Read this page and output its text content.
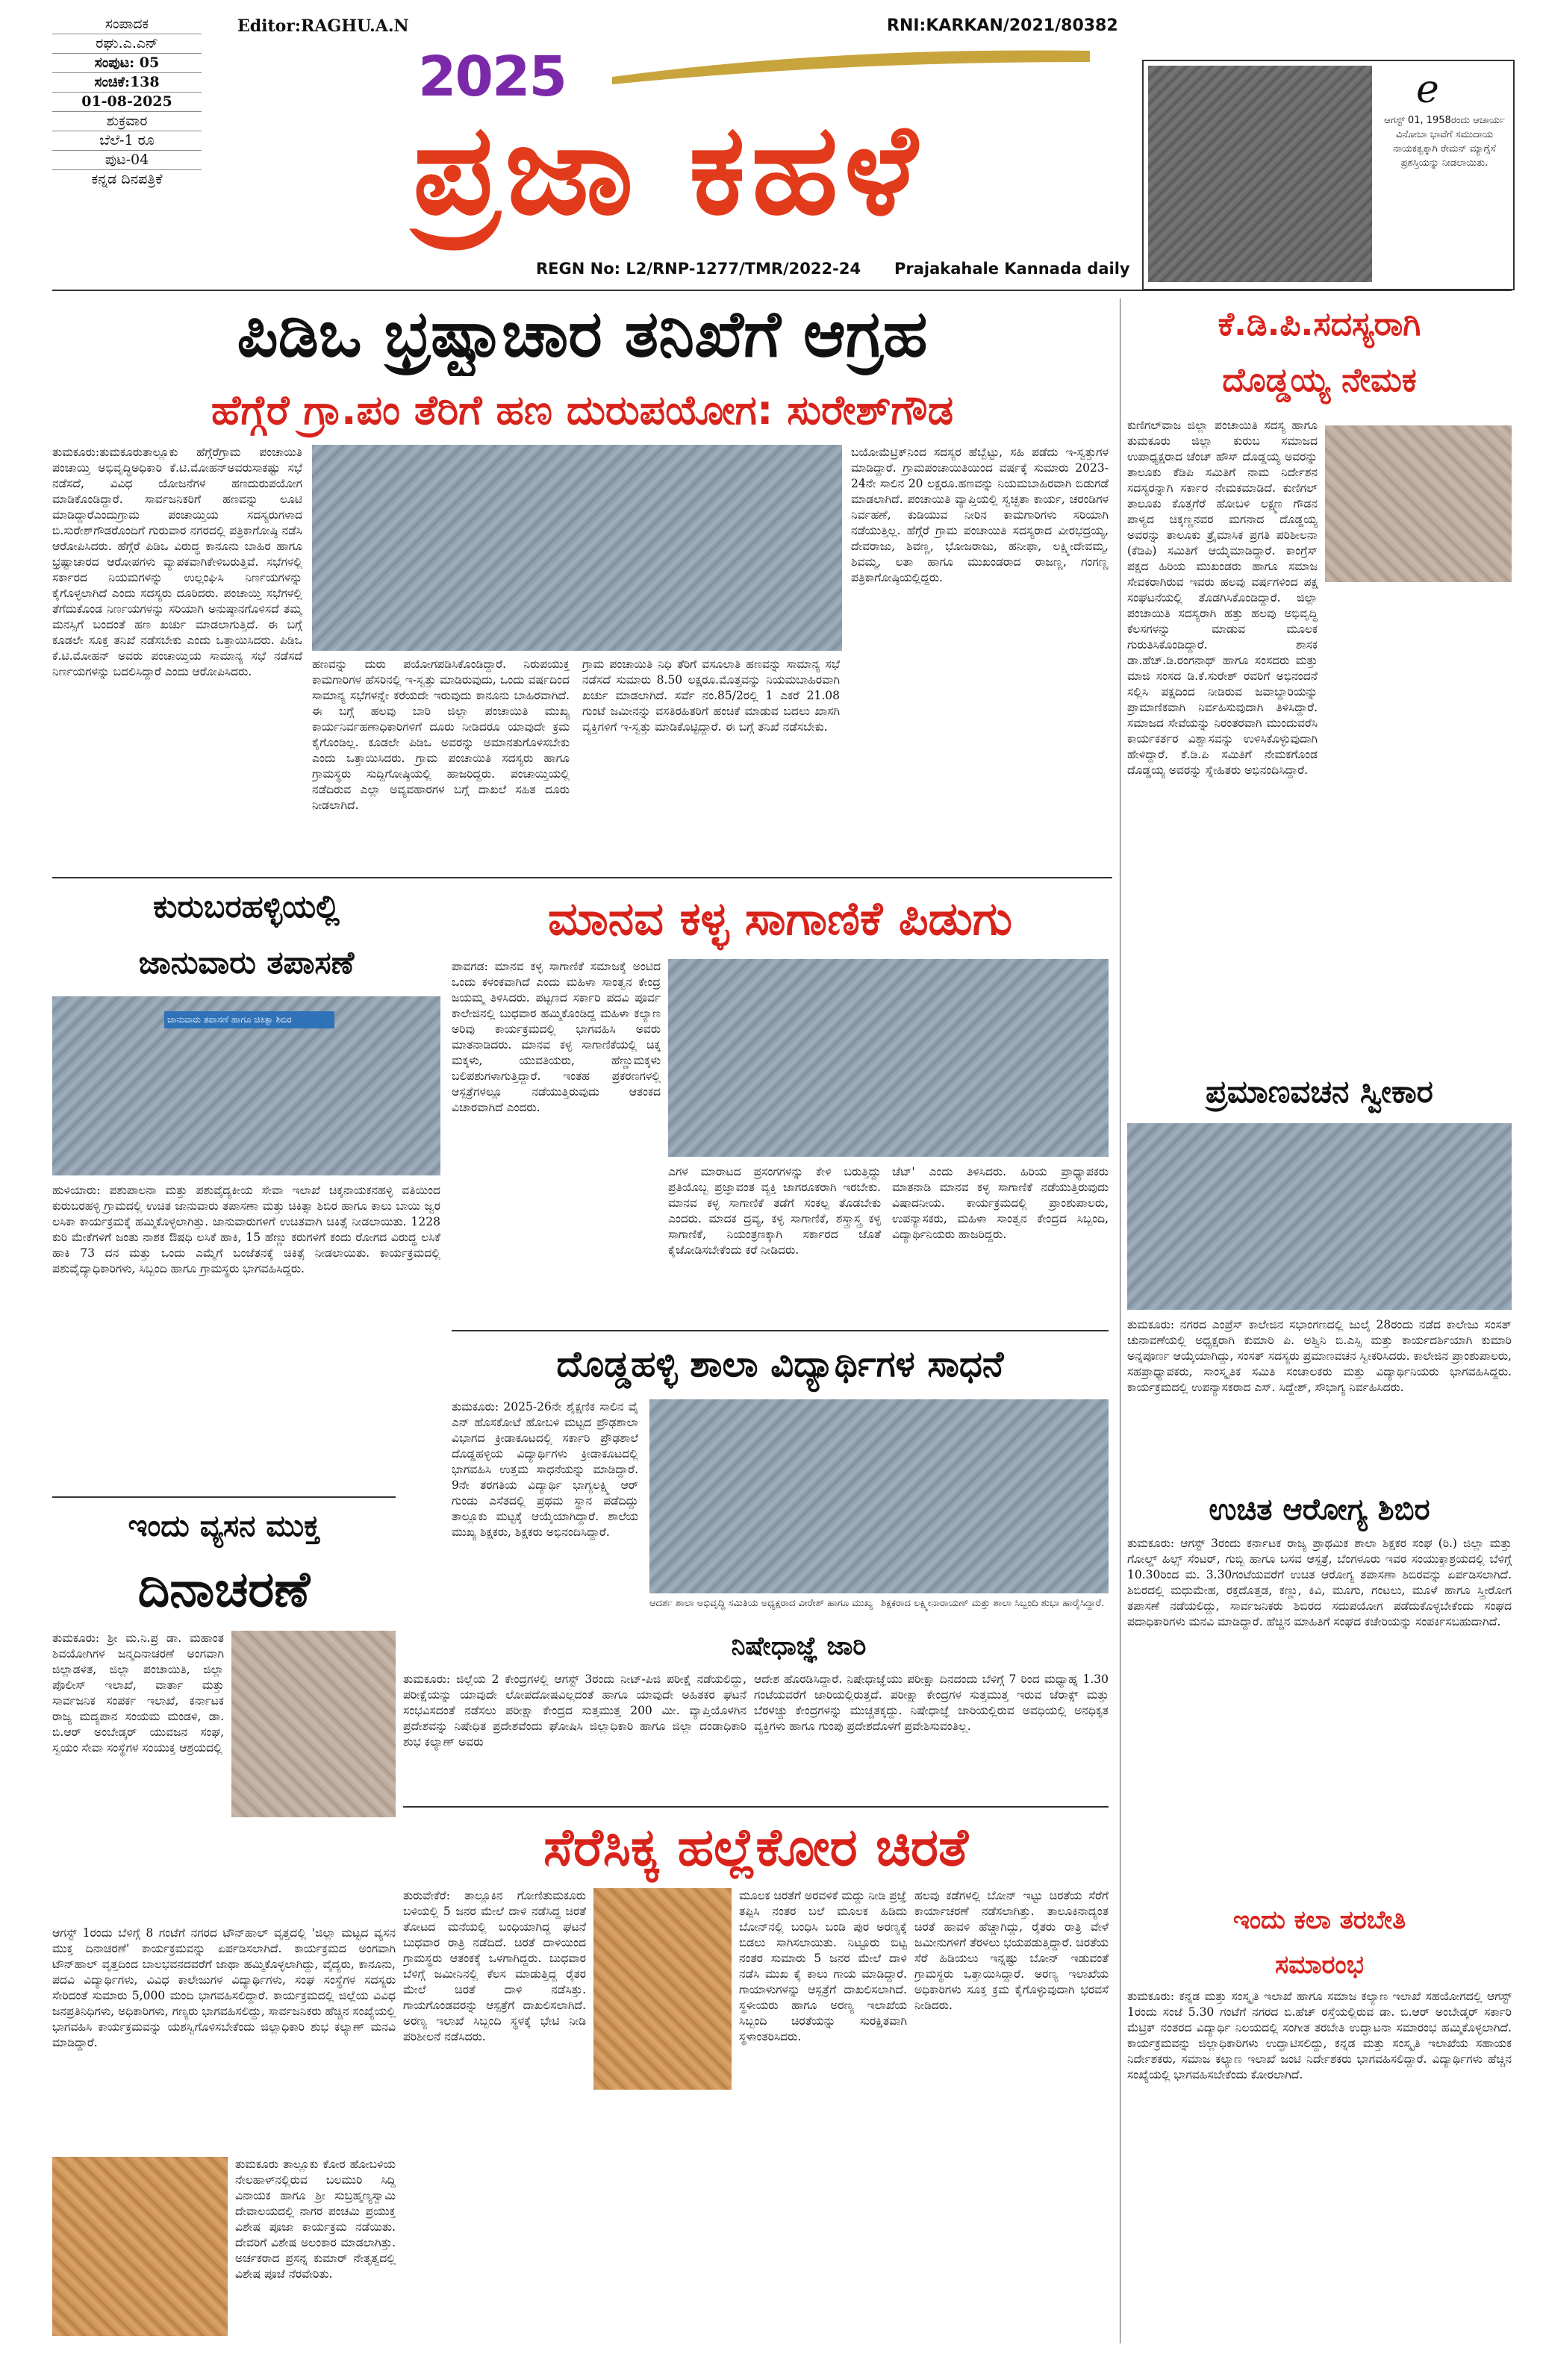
ಸಂಪಾದಕ
ರಘು.ಎ.ಎನ್
ಸಂಪುಟ: 05
ಸಂಚಿಕೆ:138
01-08-2025
ಶುಕ್ರವಾರ
ಬೆಲೆ-1 ರೂ
ಪುಟ-04
ಕನ್ನಡ ದಿನಪತ್ರಿಕೆ
Editor:RAGHU.A.N	RNI:KARKAN/2021/80382
2025
ಪ್ರಜಾ ಕಹಳೆ
REGN No: L2/RNP-1277/TMR/2022-24 Prajakahale Kannada daily
e
ಆಗಸ್ಟ್ 01, 1958ರಂದು ಆಚಾರ್ಯ ವಿನೋಬಾ ಭಾವೆಗೆ ಸಮುದಾಯ ನಾಯಕತ್ವಕ್ಕಾಗಿ ರೇಮನ್ ಮ್ಯಾಗ್ಸೆಸೆ ಪ್ರಶಸ್ತಿಯನ್ನು ನೀಡಲಾಯಿತು.
ಪಿಡಿಒ ಭ್ರಷ್ಟಾಚಾರ ತನಿಖೆಗೆ ಆಗ್ರಹ
ಹೆಗ್ಗೆರೆ ಗ್ರಾ.ಪಂ ತೆರಿಗೆ ಹಣ ದುರುಪಯೋಗ: ಸುರೇಶ್‌ಗೌಡ
ತುಮಕೂರು:ತುಮಕೂರುತಾಲ್ಲೂಕು ಹೆಗ್ಗೆರೆಗ್ರಾಮ ಪಂಚಾಯಿತಿ ಪಂಚಾಯ್ತಿ ಅಭಿವೃದ್ಧಿಅಧಿಕಾರಿ ಕೆ.ಟಿ.ಮೋಹನ್‌ಅವರುಸಾಕಷ್ಟು ಸಭೆ ನಡೆಸದೆ, ವಿವಿಧ ಯೋಜನೆಗಳ ಹಣದುರುಪಯೋಗ ಮಾಡಿಕೊಂಡಿದ್ದಾರೆ. ಸಾರ್ವಜನಿಕರಿಗೆ ಹಣವನ್ನು ಲೂಟಿ ಮಾಡಿದ್ದಾರೆಎಂದುಗ್ರಾಮ ಪಂಚಾಯ್ತಿಯ ಸದಸ್ಯರುಗಳಾದ ಬಿ.ಸುರೇಶ್‌ಗೌಡರೊಂದಿಗೆ ಗುರುವಾರ ನಗರದಲ್ಲಿ ಪತ್ರಿಕಾಗೋಷ್ಠಿ ನಡೆಸಿ ಆರೋಪಿಸಿದರು. ಹೆಗ್ಗೆರೆ ಪಿಡಿಒ ವಿರುದ್ಧ ಕಾನೂನು ಬಾಹಿರ ಹಾಗೂ ಭ್ರಷ್ಟಾಚಾರದ ಆರೋಪಗಳು ವ್ಯಾಪಕವಾಗಿಕೇಳಿಬರುತ್ತಿವೆ. ಸಭೆಗಳಲ್ಲಿ ಸರ್ಕಾರದ ನಿಯಮಗಳನ್ನು ಉಲ್ಲಂಘಿಸಿ ನಿರ್ಣಯಗಳನ್ನು ಕೈಗೊಳ್ಳಲಾಗಿದೆ ಎಂದು ಸದಸ್ಯರು ದೂರಿದರು. ಪಂಚಾಯ್ತಿ ಸಭೆಗಳಲ್ಲಿ ತೆಗೆದುಕೊಂಡ ನಿರ್ಣಯಗಳನ್ನು ಸರಿಯಾಗಿ ಅನುಷ್ಠಾನಗೊಳಿಸದೆ ತಮ್ಮ ಮನಸ್ಸಿಗೆ ಬಂದಂತೆ ಹಣ ಖರ್ಚು ಮಾಡಲಾಗುತ್ತಿದೆ. ಈ ಬಗ್ಗೆ ಕೂಡಲೇ ಸೂಕ್ತ ತನಿಖೆ ನಡೆಸಬೇಕು ಎಂದು ಒತ್ತಾಯಿಸಿದರು. ಪಿಡಿಒ ಕೆ.ಟಿ.ಮೋಹನ್ ಅವರು ಪಂಚಾಯ್ತಿಯ ಸಾಮಾನ್ಯ ಸಭೆ ನಡೆಸದೆ ನಿರ್ಣಯಗಳನ್ನು ಬದಲಿಸಿದ್ದಾರೆ ಎಂದು ಆರೋಪಿಸಿದರು.
ಹಣವನ್ನು ದುರು ಪಯೋಗಪಡಿಸಿಕೊಂಡಿದ್ದಾರೆ. ನಿರುಪಯುಕ್ತ ಕಾಮಗಾರಿಗಳ ಹೆಸರಿನಲ್ಲಿ ಇ-ಸ್ವತ್ತು ಮಾಡಿರುವುದು, ಒಂದು ವರ್ಷದಿಂದ ಸಾಮಾನ್ಯ ಸಭೆಗಳನ್ನೇ ಕರೆಯದೇ ಇರುವುದು ಕಾನೂನು ಬಾಹಿರವಾಗಿದೆ. ಈ ಬಗ್ಗೆ ಹಲವು ಬಾರಿ ಜಿಲ್ಲಾ ಪಂಚಾಯಿತಿ ಮುಖ್ಯ ಕಾರ್ಯನಿರ್ವಹಣಾಧಿಕಾರಿಗಳಿಗೆ ದೂರು ನೀಡಿದರೂ ಯಾವುದೇ ಕ್ರಮ ಕೈಗೊಂಡಿಲ್ಲ. ಕೂಡಲೇ ಪಿಡಿಒ ಅವರನ್ನು ಅಮಾನತುಗೊಳಿಸಬೇಕು ಎಂದು ಒತ್ತಾಯಿಸಿದರು. ಗ್ರಾಮ ಪಂಚಾಯಿತಿ ಸದಸ್ಯರು ಹಾಗೂ ಗ್ರಾಮಸ್ಥರು ಸುದ್ದಿಗೋಷ್ಠಿಯಲ್ಲಿ ಹಾಜರಿದ್ದರು. ಪಂಚಾಯ್ತಿಯಲ್ಲಿ ನಡೆದಿರುವ ಎಲ್ಲಾ ಅವ್ಯವಹಾರಗಳ ಬಗ್ಗೆ ದಾಖಲೆ ಸಹಿತ ದೂರು ನೀಡಲಾಗಿದೆ.
ಗ್ರಾಮ ಪಂಚಾಯಿತಿ ನಿಧಿ ತೆರಿಗೆ ವಸೂಲಾತಿ ಹಣವನ್ನು ಸಾಮಾನ್ಯ ಸಭೆ ನಡೆಸದೆ ಸುಮಾರು 8.50 ಲಕ್ಷರೂ.ಮೊತ್ತವನ್ನು ನಿಯಮಬಾಹಿರವಾಗಿ ಖರ್ಚು ಮಾಡಲಾಗಿದೆ. ಸರ್ವೆ ನಂ.85/2ರಲ್ಲಿ 1 ಎಕರೆ 21.08 ಗುಂಟೆ ಜಮೀನನ್ನು ವಸತಿರಹಿತರಿಗೆ ಹಂಚಿಕೆ ಮಾಡುವ ಬದಲು ಖಾಸಗಿ ವ್ಯಕ್ತಿಗಳಿಗೆ ಇ-ಸ್ವತ್ತು ಮಾಡಿಕೊಟ್ಟಿದ್ದಾರೆ. ಈ ಬಗ್ಗೆ ತನಿಖೆ ನಡೆಸಬೇಕು.
ಬಯೋಮೆಟ್ರಿಕ್‌ನಿಂದ ಸದಸ್ಯರ ಹೆಬ್ಬೆಟ್ಟು, ಸಹಿ ಪಡೆದು ಇ-ಸ್ವತ್ತುಗಳ ಮಾಡಿದ್ದಾರೆ. ಗ್ರಾಮಪಂಚಾಯಿತಿಯಿಂದ ವರ್ಷಕ್ಕೆ ಸುಮಾರು 2023-24ನೇ ಸಾಲಿನ 20 ಲಕ್ಷರೂ.ಹಣವನ್ನು ನಿಯಮಬಾಹಿರವಾಗಿ ಬಿಡುಗಡೆ ಮಾಡಲಾಗಿದೆ. ಪಂಚಾಯಿತಿ ವ್ಯಾಪ್ತಿಯಲ್ಲಿ ಸ್ವಚ್ಛತಾ ಕಾರ್ಯ, ಚರಂಡಿಗಳ ನಿರ್ವಹಣೆ, ಕುಡಿಯುವ ನೀರಿನ ಕಾಮಗಾರಿಗಳು ಸರಿಯಾಗಿ ನಡೆಯುತ್ತಿಲ್ಲ. ಹೆಗ್ಗೆರೆ ಗ್ರಾಮ ಪಂಚಾಯಿತಿ ಸದಸ್ಯರಾದ ವೀರಭದ್ರಯ್ಯ, ದೇವರಾಜು, ಶಿವಣ್ಣ, ಭೋಜರಾಜು, ಹನೀಫಾ, ಲಕ್ಷ್ಮೀದೇವಮ್ಮ, ಶಿವಮ್ಮ, ಲತಾ ಹಾಗೂ ಮುಖಂಡರಾದ ರಾಜಣ್ಣ, ಗಂಗಣ್ಣ ಪತ್ರಿಕಾಗೋಷ್ಠಿಯಲ್ಲಿದ್ದರು.
ಕೆ.ಡಿ.ಪಿ.ಸದಸ್ಯರಾಗಿ
ದೊಡ್ಡಯ್ಯ ನೇಮಕ
ಕುಣಿಗಲ್‌ವಾಜ ಜಿಲ್ಲಾ ಪಂಚಾಯಿತಿ ಸದಸ್ಯ ಹಾಗೂ ತುಮಕೂರು ಜಿಲ್ಲಾ ಕುರುಬ ಸಮಾಜದ ಉಪಾಧ್ಯಕ್ಷರಾದ ಚೆಂಚ್ ಹೌಸ್ ದೊಡ್ಡಯ್ಯ ಅವರನ್ನು ತಾಲೂಕು ಕೆಡಿಪಿ ಸಮಿತಿಗೆ ನಾಮ ನಿರ್ದೇಶನ ಸದಸ್ಯರನ್ನಾಗಿ ಸರ್ಕಾರ ನೇಮಕಮಾಡಿದೆ. ಕುಣಿಗಲ್ ತಾಲೂಕು ಕೊತ್ತಗೆರೆ ಹೋಬಳಿ ಲಕ್ಷ್ಮಣ ಗೌಡನ ಪಾಳ್ಯದ ಚಿಕ್ಕಣ್ಣನವರ ಮಗನಾದ ದೊಡ್ಡಯ್ಯ ಅವರನ್ನು ತಾಲೂಕು ತ್ರೈಮಾಸಿಕ ಪ್ರಗತಿ ಪರಿಶೀಲನಾ (ಕೆಡಿಪಿ) ಸಮಿತಿಗೆ ಆಯ್ಕೆಮಾಡಿದ್ದಾರೆ. ಕಾಂಗ್ರೆಸ್ ಪಕ್ಷದ ಹಿರಿಯ ಮುಖಂಡರು ಹಾಗೂ ಸಮಾಜ ಸೇವಕರಾಗಿರುವ ಇವರು ಹಲವು ವರ್ಷಗಳಿಂದ ಪಕ್ಷ ಸಂಘಟನೆಯಲ್ಲಿ ತೊಡಗಿಸಿಕೊಂಡಿದ್ದಾರೆ. ಜಿಲ್ಲಾ ಪಂಚಾಯಿತಿ ಸದಸ್ಯರಾಗಿ ಹತ್ತು ಹಲವು ಅಭಿವೃದ್ಧಿ ಕೆಲಸಗಳನ್ನು ಮಾಡುವ ಮೂಲಕ ಗುರುತಿಸಿಕೊಂಡಿದ್ದಾರೆ. ಶಾಸಕ ಡಾ.ಹೆಚ್.ಡಿ.ರಂಗನಾಥ್ ಹಾಗೂ ಸಂಸದರು ಮತ್ತು ಮಾಜಿ ಸಂಸದ ಡಿ.ಕೆ.ಸುರೇಶ್ ರವರಿಗೆ ಅಭಿನಂದನೆ ಸಲ್ಲಿಸಿ ಪಕ್ಷದಿಂದ ನೀಡಿರುವ ಜವಾಬ್ದಾರಿಯನ್ನು ಪ್ರಾಮಾಣಿಕವಾಗಿ ನಿರ್ವಹಿಸುವುದಾಗಿ ತಿಳಿಸಿದ್ದಾರೆ. ಸಮಾಜದ ಸೇವೆಯನ್ನು ನಿರಂತರವಾಗಿ ಮುಂದುವರೆಸಿ ಕಾರ್ಯಕರ್ತರ ವಿಶ್ವಾಸವನ್ನು ಉಳಿಸಿಕೊಳ್ಳುವುದಾಗಿ ಹೇಳಿದ್ದಾರೆ. ಕೆ.ಡಿ.ಪಿ ಸಮಿತಿಗೆ ನೇಮಕಗೊಂಡ ದೊಡ್ಡಯ್ಯ ಅವರನ್ನು ಸ್ನೇಹಿತರು ಅಭಿನಂದಿಸಿದ್ದಾರೆ.
ಪ್ರಮಾಣವಚನ ಸ್ವೀಕಾರ
ತುಮಕೂರು: ನಗರದ ಎಂಪ್ರೆಸ್ ಕಾಲೇಜಿನ ಸಭಾಂಗಣದಲ್ಲಿ ಜುಲೈ 28ರಂದು ನಡೆದ ಕಾಲೇಜು ಸಂಸತ್ ಚುನಾವಣೆಯಲ್ಲಿ ಅಧ್ಯಕ್ಷರಾಗಿ ಕುಮಾರಿ ಪಿ. ಅಶ್ವಿನಿ ಬಿ.ಎಸ್ಸಿ ಮತ್ತು ಕಾರ್ಯದರ್ಶಿಯಾಗಿ ಕುಮಾರಿ ಅನ್ನಪೂರ್ಣ ಆಯ್ಕೆಯಾಗಿದ್ದು, ಸಂಸತ್ ಸದಸ್ಯರು ಪ್ರಮಾಣವಚನ ಸ್ವೀಕರಿಸಿದರು. ಕಾಲೇಜಿನ ಪ್ರಾಂಶುಪಾಲರು, ಸಹಪ್ರಾಧ್ಯಾಪಕರು, ಸಾಂಸ್ಕೃತಿಕ ಸಮಿತಿ ಸಂಚಾಲಕರು ಮತ್ತು ವಿದ್ಯಾರ್ಥಿನಿಯರು ಭಾಗವಹಿಸಿದ್ದರು. ಕಾರ್ಯಕ್ರಮದಲ್ಲಿ ಉಪನ್ಯಾಸಕರಾದ ಎಸ್. ಸಿದ್ದೇಶ್, ಸೌಭಾಗ್ಯ ನಿರ್ವಹಿಸಿದರು.
ಉಚಿತ ಆರೋಗ್ಯ ಶಿಬಿರ
ತುಮಕೂರು: ಆಗಸ್ಟ್ 3ರಂದು ಕರ್ನಾಟಕ ರಾಜ್ಯ ಪ್ರಾಥಮಿಕ ಶಾಲಾ ಶಿಕ್ಷಕರ ಸಂಘ (ರಿ.) ಜಿಲ್ಲಾ ಮತ್ತು ಗೋಲ್ಡ್ ಹಿಲ್ಸ್ ಸೆಂಟರ್, ಗುಬ್ಬಿ ಹಾಗೂ ಬಸವ ಆಸ್ಪತ್ರೆ, ಬೆಂಗಳೂರು ಇವರ ಸಂಯುಕ್ತಾಶ್ರಯದಲ್ಲಿ ಬೆಳಿಗ್ಗೆ 10.30ರಿಂದ ಮ. 3.30ಗಂಟೆಯವರೆಗೆ ಉಚಿತ ಆರೋಗ್ಯ ತಪಾಸಣಾ ಶಿಬಿರವನ್ನು ಏರ್ಪಡಿಸಲಾಗಿದೆ. ಶಿಬಿರದಲ್ಲಿ ಮಧುಮೇಹ, ರಕ್ತದೊತ್ತಡ, ಕಣ್ಣು, ಕಿವಿ, ಮೂಗು, ಗಂಟಲು, ಮೂಳೆ ಹಾಗೂ ಸ್ತ್ರೀರೋಗ ತಪಾಸಣೆ ನಡೆಯಲಿದ್ದು, ಸಾರ್ವಜನಿಕರು ಶಿಬಿರದ ಸದುಪಯೋಗ ಪಡೆದುಕೊಳ್ಳಬೇಕೆಂದು ಸಂಘದ ಪದಾಧಿಕಾರಿಗಳು ಮನವಿ ಮಾಡಿದ್ದಾರೆ. ಹೆಚ್ಚಿನ ಮಾಹಿತಿಗೆ ಸಂಘದ ಕಚೇರಿಯನ್ನು ಸಂಪರ್ಕಿಸಬಹುದಾಗಿದೆ.
ಇಂದು ಕಲಾ ತರಬೇತಿ
ಸಮಾರಂಭ
ತುಮಕೂರು: ಕನ್ನಡ ಮತ್ತು ಸಂಸ್ಕೃತಿ ಇಲಾಖೆ ಹಾಗೂ ಸಮಾಜ ಕಲ್ಯಾಣ ಇಲಾಖೆ ಸಹಯೋಗದಲ್ಲಿ ಆಗಸ್ಟ್ 1ರಂದು ಸಂಜೆ 5.30 ಗಂಟೆಗೆ ನಗರದ ಬಿ.ಹೆಚ್ ರಸ್ತೆಯಲ್ಲಿರುವ ಡಾ. ಬಿ.ಆರ್ ಅಂಬೇಡ್ಕರ್ ಸರ್ಕಾರಿ ಮೆಟ್ರಿಕ್ ನಂತರದ ವಿದ್ಯಾರ್ಥಿ ನಿಲಯದಲ್ಲಿ ಸಂಗೀತ ತರಬೇತಿ ಉದ್ಘಾಟನಾ ಸಮಾರಂಭ ಹಮ್ಮಿಕೊಳ್ಳಲಾಗಿದೆ. ಕಾರ್ಯಕ್ರಮವನ್ನು ಜಿಲ್ಲಾಧಿಕಾರಿಗಳು ಉದ್ಘಾಟಿಸಲಿದ್ದು, ಕನ್ನಡ ಮತ್ತು ಸಂಸ್ಕೃತಿ ಇಲಾಖೆಯ ಸಹಾಯಕ ನಿರ್ದೇಶಕರು, ಸಮಾಜ ಕಲ್ಯಾಣ ಇಲಾಖೆ ಜಂಟಿ ನಿರ್ದೇಶಕರು ಭಾಗವಹಿಸಲಿದ್ದಾರೆ. ವಿದ್ಯಾರ್ಥಿಗಳು ಹೆಚ್ಚಿನ ಸಂಖ್ಯೆಯಲ್ಲಿ ಭಾಗವಹಿಸಬೇಕೆಂದು ಕೋರಲಾಗಿದೆ.
ಕುರುಬರಹಳ್ಳಿಯಲ್ಲಿ
ಜಾನುವಾರು ತಪಾಸಣೆ
ಜಾನುವಾರು ತಪಾಸಣೆ ಹಾಗೂ ಚಿಕಿತ್ಸಾ ಶಿಬಿರ
ಹುಳಿಯಾರು: ಪಶುಪಾಲನಾ ಮತ್ತು ಪಶುವೈದ್ಯಕೀಯ ಸೇವಾ ಇಲಾಖೆ ಚಿಕ್ಕನಾಯಕನಹಳ್ಳಿ ವತಿಯಿಂದ ಕುರುಬರಹಳ್ಳಿ ಗ್ರಾಮದಲ್ಲಿ ಉಚಿತ ಜಾನುವಾರು ತಪಾಸಣಾ ಮತ್ತು ಚಿಕಿತ್ಸಾ ಶಿಬಿರ ಹಾಗೂ ಕಾಲು ಬಾಯಿ ಜ್ವರ ಲಸಿಕಾ ಕಾರ್ಯಕ್ರಮಕ್ಕೆ ಹಮ್ಮಿಕೊಳ್ಳಲಾಗಿತ್ತು. ಜಾನುವಾರುಗಳಿಗೆ ಉಚಿತವಾಗಿ ಚಿಕಿತ್ಸೆ ನೀಡಲಾಯಿತು. 1228 ಕುರಿ ಮೇಕೆಗಳಿಗೆ ಜಂತು ನಾಶಕ ಔಷಧಿ ಲಸಿಕೆ ಹಾಕಿ, 15 ಹೆಣ್ಣು ಕರುಗಳಿಗೆ ಕಂದು ರೋಗದ ವಿರುದ್ಧ ಲಸಿಕೆ ಹಾಕಿ 73 ದನ ಮತ್ತು ಒಂದು ಎಮ್ಮೆಗೆ ಬಂಜೆತನಕ್ಕೆ ಚಿಕಿತ್ಸೆ ನೀಡಲಾಯಿತು. ಕಾರ್ಯಕ್ರಮದಲ್ಲಿ ಪಶುವೈದ್ಯಾಧಿಕಾರಿಗಳು, ಸಿಬ್ಬಂದಿ ಹಾಗೂ ಗ್ರಾಮಸ್ಥರು ಭಾಗವಹಿಸಿದ್ದರು.
ಮಾನವ ಕಳ್ಳ ಸಾಗಾಣಿಕೆ ಪಿಡುಗು
ಪಾವಗಡ: ಮಾನವ ಕಳ್ಳ ಸಾಗಾಣಿಕೆ ಸಮಾಜಕ್ಕೆ ಅಂಟಿದ ಒಂದು ಕಳಂಕವಾಗಿದೆ ಎಂದು ಮಹಿಳಾ ಸಾಂತ್ವನ ಕೇಂದ್ರ ಜಯಮ್ಮ ತಿಳಿಸಿದರು. ಪಟ್ಟಣದ ಸರ್ಕಾರಿ ಪದವಿ ಪೂರ್ವ ಕಾಲೇಜಿನಲ್ಲಿ ಬುಧವಾರ ಹಮ್ಮಿಕೊಂಡಿದ್ದ ಮಹಿಳಾ ಕಲ್ಯಾಣ ಅರಿವು ಕಾರ್ಯಕ್ರಮದಲ್ಲಿ ಭಾಗವಹಿಸಿ ಅವರು ಮಾತನಾಡಿದರು. ಮಾನವ ಕಳ್ಳ ಸಾಗಾಣಿಕೆಯಲ್ಲಿ ಚಿಕ್ಕ ಮಕ್ಕಳು, ಯುವತಿಯರು, ಹೆಣ್ಣುಮಕ್ಕಳು ಬಲಿಪಶುಗಳಾಗುತ್ತಿದ್ದಾರೆ. ಇಂತಹ ಪ್ರಕರಣಗಳಲ್ಲಿ ಆಸ್ಪತ್ರೆಗಳಲ್ಲೂ ನಡೆಯುತ್ತಿರುವುದು ಆತಂಕದ ವಿಚಾರವಾಗಿದೆ ಎಂದರು.
ಎಗಳ ಮಾರಾಟದ ಪ್ರಸಂಗಗಳನ್ನು ಕೇಳಿ ಬರುತ್ತಿದ್ದು ಪ್ರತಿಯೊಬ್ಬ ಪ್ರಜ್ಞಾವಂತ ವ್ಯಕ್ತಿ ಜಾಗರೂಕರಾಗಿ ಇರಬೇಕು. ಮಾನವ ಕಳ್ಳ ಸಾಗಾಣಿಕೆ ತಡೆಗೆ ಸಂಕಲ್ಪ ತೊಡಬೇಕು ಎಂದರು. ಮಾದಕ ದ್ರವ್ಯ, ಕಳ್ಳ ಸಾಗಾಣಿಕೆ, ಶಸ್ತ್ರಾಸ್ತ್ರ ಕಳ್ಳ ಸಾಗಾಣಿಕೆ, ನಿಯಂತ್ರಣಕ್ಕಾಗಿ ಸರ್ಕಾರದ ಜೊತೆ ಕೈಜೋಡಿಸಬೇಕೆಂದು ಕರೆ ನೀಡಿದರು.
ಚೆಟ್' ಎಂದು ತಿಳಿಸಿದರು. ಹಿರಿಯ ಪ್ರಾಧ್ಯಾಪಕರು ಮಾತನಾಡಿ ಮಾನವ ಕಳ್ಳ ಸಾಗಾಣಿಕೆ ನಡೆಯುತ್ತಿರುವುದು ವಿಷಾದನೀಯ. ಕಾರ್ಯಕ್ರಮದಲ್ಲಿ ಪ್ರಾಂಶುಪಾಲರು, ಉಪನ್ಯಾಸಕರು, ಮಹಿಳಾ ಸಾಂತ್ವನ ಕೇಂದ್ರದ ಸಿಬ್ಬಂದಿ, ವಿದ್ಯಾರ್ಥಿನಿಯರು ಹಾಜರಿದ್ದರು.
ದೊಡ್ಡಹಳ್ಳಿ ಶಾಲಾ ವಿದ್ಯಾರ್ಥಿಗಳ ಸಾಧನೆ
ತುಮಕೂರು: 2025-26ನೇ ಶೈಕ್ಷಣಿಕ ಸಾಲಿನ ವೈ ಎನ್ ಹೊಸಕೋಟೆ ಹೋಬಳಿ ಮಟ್ಟದ ಪ್ರೌಢಶಾಲಾ ವಿಭಾಗದ ಕ್ರೀಡಾಕೂಟದಲ್ಲಿ ಸರ್ಕಾರಿ ಪ್ರೌಢಶಾಲೆ ದೊಡ್ಡಹಳ್ಳಿಯ ವಿದ್ಯಾರ್ಥಿಗಳು ಕ್ರೀಡಾಕೂಟದಲ್ಲಿ ಭಾಗವಹಿಸಿ ಉತ್ತಮ ಸಾಧನೆಯನ್ನು ಮಾಡಿದ್ದಾರೆ. 9ನೇ ತರಗತಿಯ ವಿದ್ಯಾರ್ಥಿ ಭಾಗ್ಯಲಕ್ಷ್ಮಿ ಆರ್ ಗುಂಡು ಎಸೆತದಲ್ಲಿ ಪ್ರಥಮ ಸ್ಥಾನ ಪಡೆದಿದ್ದು ತಾಲ್ಲೂಕು ಮಟ್ಟಕ್ಕೆ ಆಯ್ಕೆಯಾಗಿದ್ದಾರೆ. ಶಾಲೆಯ ಮುಖ್ಯ ಶಿಕ್ಷಕರು, ಶಿಕ್ಷಕರು ಅಭಿನಂದಿಸಿದ್ದಾರೆ.
ಆದರ್ಶ ಶಾಲಾ ಅಭಿವೃದ್ಧಿ ಸಮಿತಿಯ ಅಧ್ಯಕ್ಷರಾದ ವೀರೇಶ್ ಹಾಗೂ ಮುಖ್ಯ ಶಿಕ್ಷಕರಾದ ಲಕ್ಷ್ಮೀನಾರಾಯಣ್ ಮತ್ತು ಶಾಲಾ ಸಿಬ್ಬಂದಿ ಶುಭಾ ಹಾರೈಸಿದ್ದಾರೆ.
ನಿಷೇಧಾಜ್ಞೆ ಜಾರಿ
ತುಮಕೂರು: ಜಿಲ್ಲೆಯ 2 ಕೇಂದ್ರಗಳಲ್ಲಿ ಆಗಸ್ಟ್ 3ರಂದು ನೀಟ್-ಪಿಜಿ ಪರೀಕ್ಷೆ ನಡೆಯಲಿದ್ದು, ಪರೀಕ್ಷೆಯನ್ನು ಯಾವುದೇ ಲೋಪದೋಷವಿಲ್ಲದಂತೆ ಹಾಗೂ ಯಾವುದೇ ಅಹಿತಕರ ಘಟನೆ ಸಂಭವಿಸದಂತೆ ನಡೆಸಲು ಪರೀಕ್ಷಾ ಕೇಂದ್ರದ ಸುತ್ತಮುತ್ತ 200 ಮೀ. ವ್ಯಾಪ್ತಿಯೊಳಗಿನ ಪ್ರದೇಶವನ್ನು ನಿಷೇಧಿತ ಪ್ರದೇಶವೆಂದು ಘೋಷಿಸಿ ಜಿಲ್ಲಾಧಿಕಾರಿ ಹಾಗೂ ಜಿಲ್ಲಾ ದಂಡಾಧಿಕಾರಿ ಶುಭ ಕಲ್ಯಾಣ್ ಅವರು
ಆದೇಶ ಹೊರಡಿಸಿದ್ದಾರೆ. ನಿಷೇಧಾಜ್ಞೆಯು ಪರೀಕ್ಷಾ ದಿನದಂದು ಬೆಳಿಗ್ಗೆ 7 ರಿಂದ ಮಧ್ಯಾಹ್ನ 1.30 ಗಂಟೆಯವರೆಗೆ ಜಾರಿಯಲ್ಲಿರುತ್ತದೆ. ಪರೀಕ್ಷಾ ಕೇಂದ್ರಗಳ ಸುತ್ತಮುತ್ತ ಇರುವ ಜೆರಾಕ್ಸ್ ಮತ್ತು ಬೆರಳಚ್ಚು ಕೇಂದ್ರಗಳನ್ನು ಮುಚ್ಚತಕ್ಕದ್ದು. ನಿಷೇಧಾಜ್ಞೆ ಜಾರಿಯಲ್ಲಿರುವ ಅವಧಿಯಲ್ಲಿ ಅನಧಿಕೃತ ವ್ಯಕ್ತಿಗಳು ಹಾಗೂ ಗುಂಪು ಪ್ರದೇಶದೊಳಗೆ ಪ್ರವೇಶಿಸುವಂತಿಲ್ಲ.
ಇಂದು ವ್ಯಸನ ಮುಕ್ತ
ದಿನಾಚರಣೆ
ತುಮಕೂರು: ಶ್ರೀ ಮ.ನಿ.ಪ್ರ ಡಾ. ಮಹಾಂತ ಶಿವಯೋಗಿಗಳ ಜನ್ಮದಿನಾಚರಣೆ ಅಂಗವಾಗಿ ಜಿಲ್ಲಾಡಳಿತ, ಜಿಲ್ಲಾ ಪಂಚಾಯಿತಿ, ಜಿಲ್ಲಾ ಪೊಲೀಸ್ ಇಲಾಖೆ, ವಾರ್ತಾ ಮತ್ತು ಸಾರ್ವಜನಿಕ ಸಂಪರ್ಕ ಇಲಾಖೆ, ಕರ್ನಾಟಕ ರಾಜ್ಯ ಮದ್ಯಪಾನ ಸಂಯಮ ಮಂಡಳಿ, ಡಾ. ಬಿ.ಆರ್ ಅಂಬೇಡ್ಕರ್ ಯುವಜನ ಸಂಘ, ಸ್ವಯಂ ಸೇವಾ ಸಂಸ್ಥೆಗಳ ಸಂಯುಕ್ತ ಆಶ್ರಯದಲ್ಲಿ
ಆಗಸ್ಟ್ 1ರಂದು ಬೆಳಿಗ್ಗೆ 8 ಗಂಟೆಗೆ ನಗರದ ಟೌನ್‌ಹಾಲ್ ವೃತ್ತದಲ್ಲಿ 'ಜಿಲ್ಲಾ ಮಟ್ಟದ ವ್ಯಸನ ಮುಕ್ತ ದಿನಾಚರಣೆ' ಕಾರ್ಯಕ್ರಮವನ್ನು ಏರ್ಪಡಿಸಲಾಗಿದೆ. ಕಾರ್ಯಕ್ರಮದ ಅಂಗವಾಗಿ ಟೌನ್‌ಹಾಲ್ ವೃತ್ತದಿಂದ ಬಾಲಭವನದವರೆಗೆ ಜಾಥಾ ಹಮ್ಮಿಕೊಳ್ಳಲಾಗಿದ್ದು, ವೈದ್ಯರು, ಕಾನೂನು, ಪದವಿ ವಿದ್ಯಾರ್ಥಿಗಳು, ವಿವಿಧ ಕಾಲೇಜುಗಳ ವಿದ್ಯಾರ್ಥಿಗಳು, ಸಂಘ ಸಂಸ್ಥೆಗಳ ಸದಸ್ಯರು ಸೇರಿದಂತೆ ಸುಮಾರು 5,000 ಮಂದಿ ಭಾಗವಹಿಸಲಿದ್ದಾರೆ. ಕಾರ್ಯಕ್ರಮದಲ್ಲಿ ಜಿಲ್ಲೆಯ ವಿವಿಧ ಜನಪ್ರತಿನಿಧಿಗಳು, ಅಧಿಕಾರಿಗಳು, ಗಣ್ಯರು ಭಾಗವಹಿಸಲಿದ್ದು, ಸಾರ್ವಜನಿಕರು ಹೆಚ್ಚಿನ ಸಂಖ್ಯೆಯಲ್ಲಿ ಭಾಗವಹಿಸಿ ಕಾರ್ಯಕ್ರಮವನ್ನು ಯಶಸ್ವಿಗೊಳಿಸಬೇಕೆಂದು ಜಿಲ್ಲಾಧಿಕಾರಿ ಶುಭ ಕಲ್ಯಾಣ್ ಮನವಿ ಮಾಡಿದ್ದಾರೆ.
ತುಮಕೂರು ತಾಲ್ಲೂಕು ಕೋರ ಹೋಬಳಿಯ ನೇಲಹಾಳ್‌ನಲ್ಲಿರುವ ಬಲಮುರಿ ಸಿದ್ದಿ ವಿನಾಯಕ ಹಾಗೂ ಶ್ರೀ ಸುಬ್ರಹ್ಮಣ್ಯಸ್ವಾಮಿ ದೇವಾಲಯದಲ್ಲಿ ನಾಗರ ಪಂಚಮಿ ಪ್ರಯುಕ್ತ ವಿಶೇಷ ಪೂಜಾ ಕಾರ್ಯಕ್ರಮ ನಡೆಯಿತು. ದೇವರಿಗೆ ವಿಶೇಷ ಅಲಂಕಾರ ಮಾಡಲಾಗಿತ್ತು. ಅರ್ಚಕರಾದ ಪ್ರಸನ್ನ ಕುಮಾರ್ ನೇತೃತ್ವದಲ್ಲಿ ವಿಶೇಷ ಪೂಜೆ ನೆರವೇರಿತು.
ಸೆರೆಸಿಕ್ಕ ಹಲ್ಲೆಕೋರ ಚಿರತೆ
ತುರುವೇಕೆರೆ: ತಾಲ್ಲೂಕಿನ ಗೋಣಿತುಮಕೂರು ಬಳಿಯಲ್ಲಿ 5 ಜನರ ಮೇಲೆ ದಾಳಿ ನಡೆಸಿದ್ದ ಚಿರತೆ ತೋಟದ ಮನೆಯಲ್ಲಿ ಬಂಧಿಯಾಗಿದ್ದ ಘಟನೆ ಬುಧವಾರ ರಾತ್ರಿ ನಡೆದಿದೆ. ಚಿರತೆ ದಾಳಿಯಿಂದ ಗ್ರಾಮಸ್ಥರು ಆತಂಕಕ್ಕೆ ಒಳಗಾಗಿದ್ದರು. ಬುಧವಾರ ಬೆಳಿಗ್ಗೆ ಜಮೀನಿನಲ್ಲಿ ಕೆಲಸ ಮಾಡುತ್ತಿದ್ದ ರೈತರ ಮೇಲೆ ಚಿರತೆ ದಾಳಿ ನಡೆಸಿತ್ತು. ಗಾಯಗೊಂಡವರನ್ನು ಆಸ್ಪತ್ರೆಗೆ ದಾಖಲಿಸಲಾಗಿದೆ. ಅರಣ್ಯ ಇಲಾಖೆ ಸಿಬ್ಬಂದಿ ಸ್ಥಳಕ್ಕೆ ಭೇಟಿ ನೀಡಿ ಪರಿಶೀಲನೆ ನಡೆಸಿದರು.
ಮೂಲಕ ಚಿರತೆಗೆ ಅರವಳಿಕೆ ಮದ್ದು ನೀಡಿ ಪ್ರಜ್ಞೆ ತಪ್ಪಿಸಿ ನಂತರ ಬಲೆ ಮೂಲಕ ಹಿಡಿದು ಬೋನ್‌ನಲ್ಲಿ ಬಂಧಿಸಿ ಬಂಡಿ ಪುರ ಅರಣ್ಯಕ್ಕೆ ಬಿಡಲು ಸಾಗಿಸಲಾಯಿತು. ನಿಟ್ಟೂರು ಬಿಟ್ಟ ನಂತರ ಸುಮಾರು 5 ಜನರ ಮೇಲೆ ದಾಳಿ ನಡೆಸಿ ಮುಖ ಕೈ ಕಾಲು ಗಾಯ ಮಾಡಿದ್ದಾರೆ. ಗಾಯಾಳುಗಳನ್ನು ಆಸ್ಪತ್ರೆಗೆ ದಾಖಲಿಸಲಾಗಿದೆ. ಸ್ಥಳೀಯರು ಹಾಗೂ ಅರಣ್ಯ ಇಲಾಖೆಯ ಸಿಬ್ಬಂದಿ ಚಿರತೆಯನ್ನು ಸುರಕ್ಷಿತವಾಗಿ ಸ್ಥಳಾಂತರಿಸಿದರು.
ಹಲವು ಕಡೆಗಳಲ್ಲಿ ಬೋನ್ ಇಟ್ಟು ಚಿರತೆಯ ಸೆರೆಗೆ ಕಾರ್ಯಾಚರಣೆ ನಡೆಸಲಾಗಿತ್ತು. ತಾಲೂಕಿನಾದ್ಯಂತ ಚಿರತೆ ಹಾವಳಿ ಹೆಚ್ಚಾಗಿದ್ದು, ರೈತರು ರಾತ್ರಿ ವೇಳೆ ಜಮೀನುಗಳಿಗೆ ತೆರಳಲು ಭಯಪಡುತ್ತಿದ್ದಾರೆ. ಚಿರತೆಯ ಸೆರೆ ಹಿಡಿಯಲು ಇನ್ನಷ್ಟು ಬೋನ್ ಇಡುವಂತೆ ಗ್ರಾಮಸ್ಥರು ಒತ್ತಾಯಿಸಿದ್ದಾರೆ. ಅರಣ್ಯ ಇಲಾಖೆಯ ಅಧಿಕಾರಿಗಳು ಸೂಕ್ತ ಕ್ರಮ ಕೈಗೊಳ್ಳುವುದಾಗಿ ಭರವಸೆ ನೀಡಿದರು.
